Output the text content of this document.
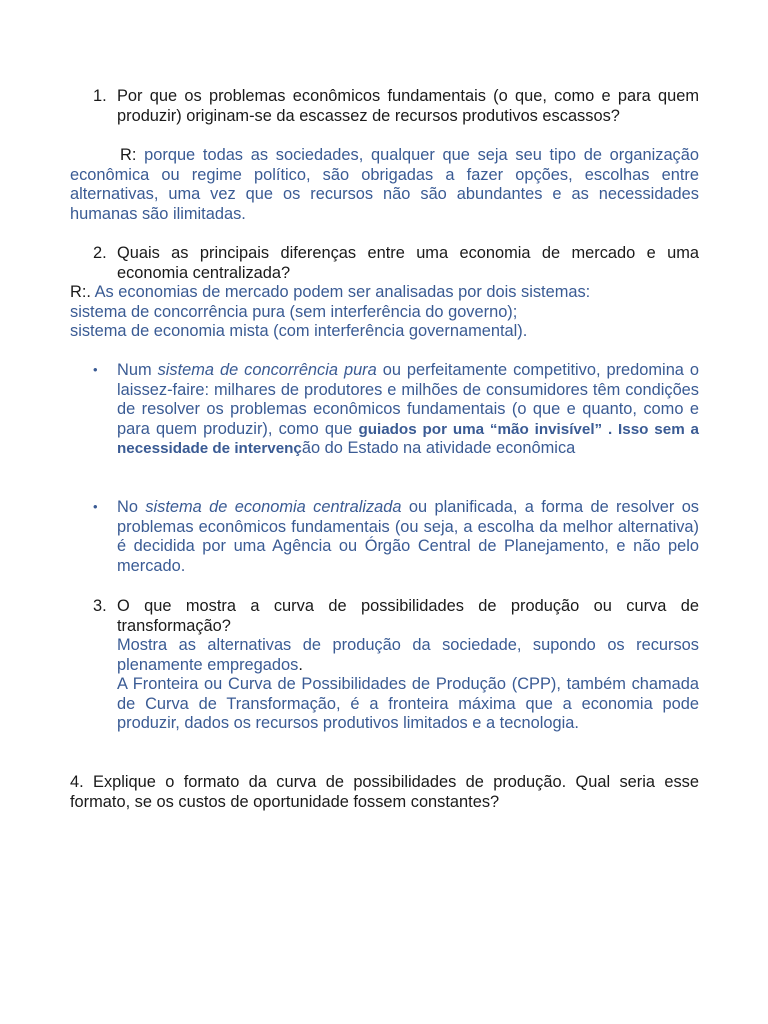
1. Por que os problemas econômicos fundamentais (o que, como e para quem produzir) originam-se da escassez de recursos produtivos escassos?
R: porque todas as sociedades, qualquer que seja seu tipo de organização econômica ou regime político, são obrigadas a fazer opções, escolhas entre alternativas, uma vez que os recursos não são abundantes e as necessidades humanas são ilimitadas.
2. Quais as principais diferenças entre uma economia de mercado e uma economia centralizada?
R:. As economias de mercado podem ser analisadas por dois sistemas:
sistema de concorrência pura (sem interferência do governo);
sistema de economia mista (com interferência governamental).
• Num sistema de concorrência pura ou perfeitamente competitivo, predomina o laissez-faire: milhares de produtores e milhões de consumidores têm condições de resolver os problemas econômicos fundamentais (o que e quanto, como e para quem produzir), como que guiados por uma “mão invisível” . Isso sem a necessidade de intervenção do Estado na atividade econômica
• No sistema de economia centralizada ou planificada, a forma de resolver os problemas econômicos fundamentais (ou seja, a escolha da melhor alternativa) é decidida por uma Agência ou Órgão Central de Planejamento, e não pelo mercado.
3. O que mostra a curva de possibilidades de produção ou curva de transformação?
Mostra as alternativas de produção da sociedade, supondo os recursos plenamente empregados.
A Fronteira ou Curva de Possibilidades de Produção (CPP), também chamada de Curva de Transformação, é a fronteira máxima que a economia pode produzir, dados os recursos produtivos limitados e a tecnologia.
4. Explique o formato da curva de possibilidades de produção. Qual seria esse formato, se os custos de oportunidade fossem constantes?
